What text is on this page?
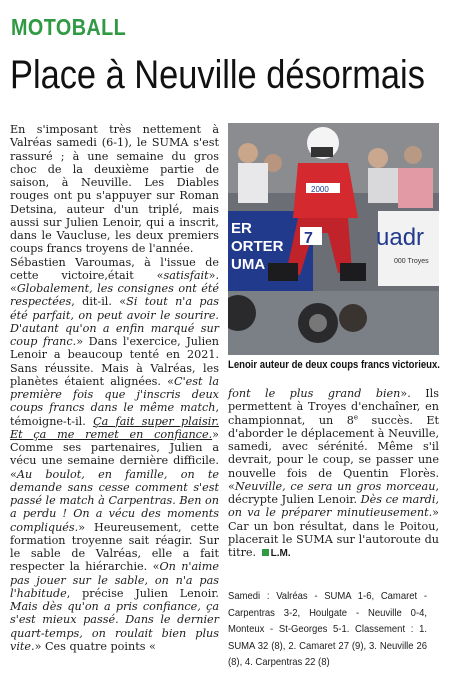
MOTOBALL
Place à Neuville désormais

En s'imposant très nettement à Valréas samedi (6-1), le SUMA s'est rassuré ; à une semaine du gros choc de la deuxième partie de saison, à Neuville. Les Diables rouges ont pu s'appuyer sur Roman Detsina, auteur d'un triplé, mais aussi sur Julien Lenoir, qui a inscrit, dans le Vaucluse, les deux premiers coups francs troyens de l'année.

Sébastien Varoumas, à l'issue de cette victoire,était «satisfait». «Globalement, les consignes ont été respectées, dit-il. «Si tout n'a pas été parfait, on peut avoir le sourire. D'autant qu'on a enfin marqué sur coup franc.» Dans l'exercice, Julien Lenoir a beaucoup tenté en 2021. Sans réussite. Mais à Valréas, les planètes étaient alignées. «C'est la première fois que j'inscris deux coups francs dans le même match, témoigne-t-il. Ça fait super plaisir. Et ça me remet en confiance.» Comme ses partenaires, Julien a vécu une semaine dernière difficile. «Au boulot, en famille, on te demande sans cesse comment s'est passé le match à Carpentras. Ben on a perdu ! On a vécu des moments compliqués.» Heureusement, cette formation troyenne sait réagir. Sur le sable de Valréas, elle a fait respecter la hiérarchie. «On n'aime pas jouer sur le sable, on n'a pas l'habitude, précise Julien Lenoir. Mais dès qu'on a pris confiance, ça s'est mieux passé. Dans le dernier quart-temps, on roulait bien plus vite.» Ces quatre points «

ER
ORTER
UMA
uadr
000 Troyes
2000
7
Lenoir auteur de deux coups francs victorieux.

font le plus grand bien». Ils permettent à Troyes d'enchaîner, en championnat, un 8e succès. Et d'aborder le déplacement à Neuville, samedi, avec sérénité. Même s'il devrait, pour le coup, se passer une nouvelle fois de Quentin Florès. «Neuville, ce sera un gros morceau, décrypte Julien Lenoir. Dès ce mardi, on va le préparer minutieusement.» Car un bon résultat, dans le Poitou, placerait le SUMA sur l'autoroute du titre. L.M.

Samedi : Valréas - SUMA 1-6, Camaret - Carpentras 3-2, Houlgate - Neuville 0-4, Monteux - St-Georges 5-1. Classement : 1. SUMA 32 (8), 2. Camaret 27 (9), 3. Neuville 26 (8), 4. Carpentras 22 (8)
